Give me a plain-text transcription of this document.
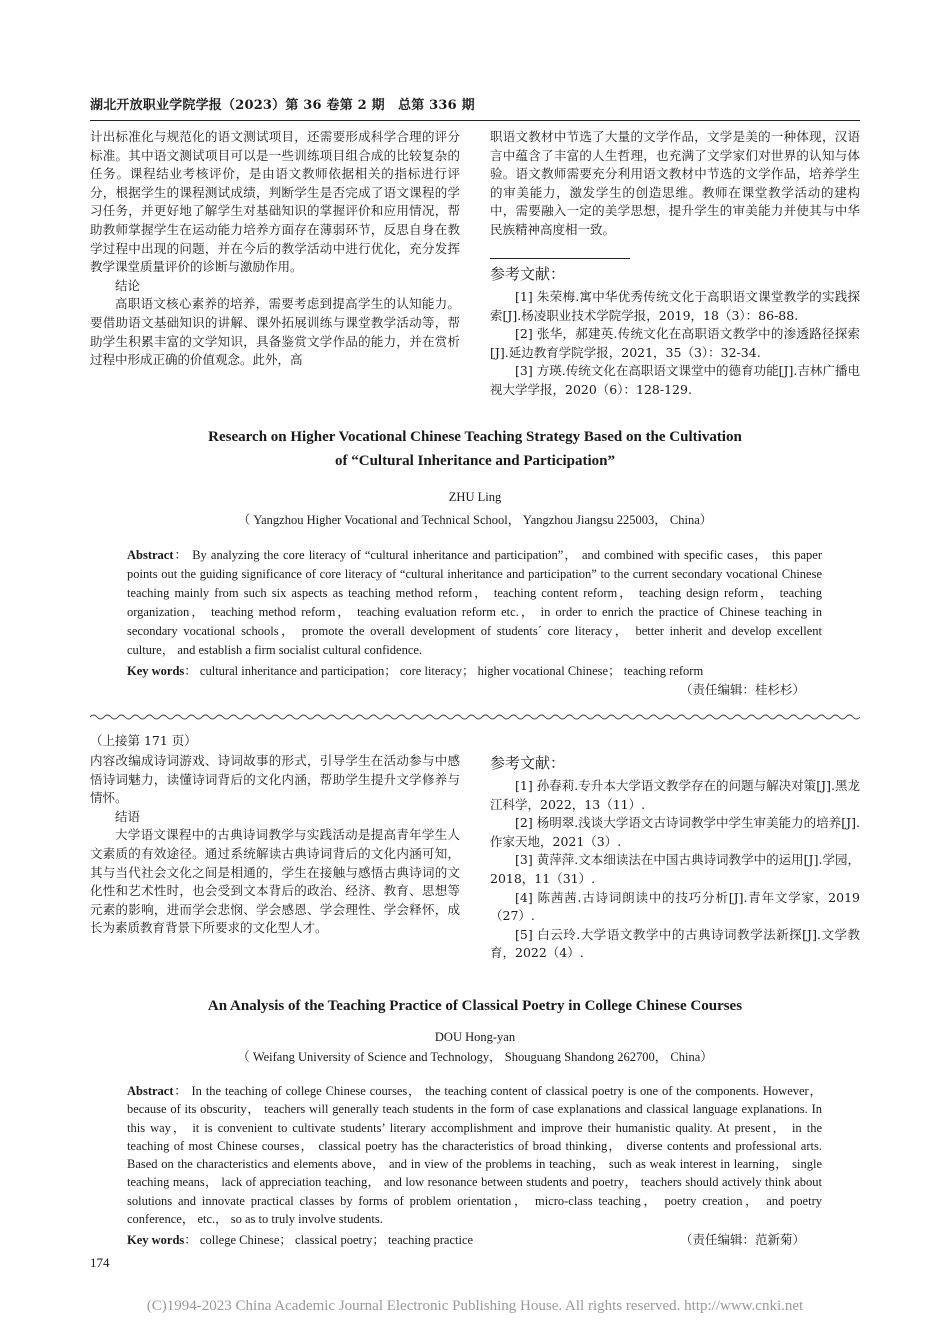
湖北开放职业学院学报（2023）第 36 卷第 2 期　总第 336 期

计出标准化与规范化的语文测试项目，还需要形成科学合理的评分标准。其中语文测试项目可以是一些训练项目组合成的比较复杂的任务。课程结业考核评价，是由语文教师依据相关的指标进行评分，根据学生的课程测试成绩，判断学生是否完成了语文课程的学习任务，并更好地了解学生对基础知识的掌握评价和应用情况，帮助教师掌握学生在运动能力培养方面存在薄弱环节，反思自身在教学过程中出现的问题，并在今后的教学活动中进行优化，充分发挥教学课堂质量评价的诊断与激励作用。

结论

高职语文核心素养的培养，需要考虑到提高学生的认知能力。要借助语文基础知识的讲解、课外拓展训练与课堂教学活动等，帮助学生积累丰富的文学知识，具备鉴赏文学作品的能力，并在赏析过程中形成正确的价值观念。此外，高

职语文教材中节选了大量的文学作品，文学是美的一种体现，汉语言中蕴含了丰富的人生哲理，也充满了文学家们对世界的认知与体验。语文教师需要充分利用语文教材中节选的文学作品，培养学生的审美能力，激发学生的创造思维。教师在课堂教学活动的建构中，需要融入一定的美学思想，提升学生的审美能力并使其与中华民族精神高度相一致。

参考文献：

[1] 朱荣梅.寓中华优秀传统文化于高职语文课堂教学的实践探索[J].杨凌职业技术学院学报，2019，18（3）：86-88.

[2] 张华，郝建英.传统文化在高职语文教学中的渗透路径探索[J].延边教育学院学报，2021，35（3）：32-34.

[3] 方瑛.传统文化在高职语文课堂中的德育功能[J].吉林广播电视大学学报，2020（6）：128-129.

Research on Higher Vocational Chinese Teaching Strategy Based on the Cultivation
of “Cultural Inheritance and Participation”
ZHU Ling
（ Yangzhou Higher Vocational and Technical School， Yangzhou Jiangsu 225003， China）
Abstract： By analyzing the core literacy of “cultural inheritance and participation”， and combined with specific cases， this paper points out the guiding significance of core literacy of “cultural inheritance and participation” to the current secondary vocational Chinese teaching mainly from such six aspects as teaching method reform， teaching content reform， teaching design reform， teaching organization， teaching method reform， teaching evaluation reform etc.， in order to enrich the practice of Chinese teaching in secondary vocational schools， promote the overall development of students´ core literacy， better inherit and develop excellent culture， and establish a firm socialist cultural confidence.
Key words： cultural inheritance and participation； core literacy； higher vocational Chinese； teaching reform
（责任编辑：桂杉杉）
（上接第 171 页）

内容改编成诗词游戏、诗词故事的形式，引导学生在活动参与中感悟诗词魅力，读懂诗词背后的文化内涵，帮助学生提升文学修养与情怀。

结语

大学语文课程中的古典诗词教学与实践活动是提高青年学生人文素质的有效途径。通过系统解读古典诗词背后的文化内涵可知，其与当代社会文化之间是相通的，学生在接触与感悟古典诗词的文化性和艺术性时，也会受到文本背后的政治、经济、教育、思想等元素的影响，进而学会悲悯、学会感恩、学会理性、学会释怀，成长为素质教育背景下所要求的文化型人才。

参考文献：

[1] 孙春莉.专升本大学语文教学存在的问题与解决对策[J].黑龙江科学，2022，13（11）.

[2] 杨明翠.浅谈大学语文古诗词教学中学生审美能力的培养[J].作家天地，2021（3）.

[3] 黄萍萍.文本细读法在中国古典诗词教学中的运用[J].学园，2018，11（31）.

[4] 陈茜茜.古诗词朗读中的技巧分析[J].青年文学家，2019（27）.

[5] 白云玲.大学语文教学中的古典诗词教学法新探[J].文学教育，2022（4）.

An Analysis of the Teaching Practice of Classical Poetry in College Chinese Courses
DOU Hong-yan
（ Weifang University of Science and Technology， Shouguang Shandong 262700， China）
Abstract： In the teaching of college Chinese courses， the teaching content of classical poetry is one of the components. However， because of its obscurity， teachers will generally teach students in the form of case explanations and classical language explanations. In this way， it is convenient to cultivate students’ literary accomplishment and improve their humanistic quality. At present， in the teaching of most Chinese courses， classical poetry has the characteristics of broad thinking， diverse contents and professional arts. Based on the characteristics and elements above， and in view of the problems in teaching， such as weak interest in learning， single teaching means， lack of appreciation teaching， and low resonance between students and poetry， teachers should actively think about solutions and innovate practical classes by forms of problem orientation， micro-class teaching， poetry creation， and poetry conference， etc.， so as to truly involve students.
Key words： college Chinese； classical poetry； teaching practice	（责任编辑：范新菊）
174
(C)1994-2023 China Academic Journal Electronic Publishing House. All rights reserved. http://www.cnki.net
